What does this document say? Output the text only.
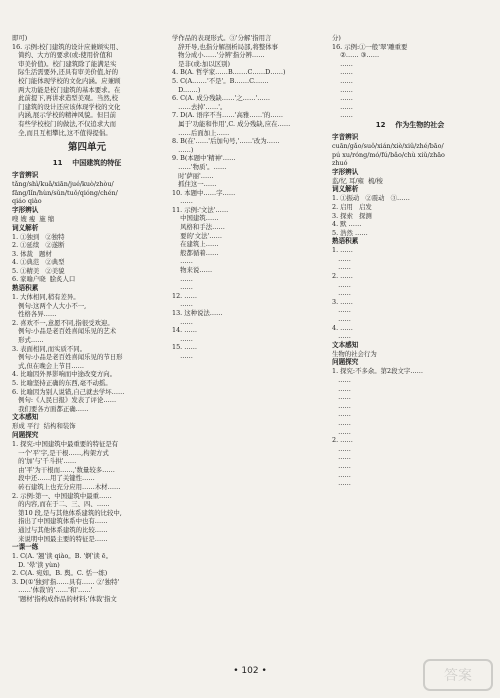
即可)
16. 示例:校门建筑的设计应兼顾实用、
简约、大方的要求(或:使用价值和
审美价值)。校门建筑除了能满足实
际生活需要外,还具有审美价值,好的
校门能体现学校的文化内涵。应兼顾
两大功能是校门建筑的基本要求。在
此前提下,再讲求造型美观。当然,校
门建筑的设计还应该体现学校的文化
内涵,展示学校的精神风貌。但目前
有些学校校门的做法,不仅追求大而
全,而且互相攀比,这不值得提倡。
第四单元
11    中国建筑的特征
字音辨识
tǎng/shì/kuǎ/xiān/jué/kuò/zhòu/
fāng/lǐn/hùn/sǔn/tuǒ/qióng/chén/
qiáo qiào
字形辨认
嗖 嫂 瘦  施 缩
词义解析
1. ①独到   ②独特
2. ①延续   ②遂断
3. 体裁   题材
4. ①典范   ②典型
5. ①精美   ②美貌
6. 家喻户晓  脍炙人口
熟语积累
1. 大体相同,稍有差异。
例句:这两个人大小不一,
性格各异……
2. 喜欢不一,意愿不同,指很受欢迎。
例句:小品是老百姓喜闻乐见的艺术
形式……
3. 表面相同,而实质不同。
例句:小品是老百姓喜闻乐见的节日形
式,但在晚会上节目……
4. 比喻因外界影响而中途改变方向。
5. 比喻坚持正确的东西,毫不动摇。
6. 比喻因为别人说错,自己就去学坏……
例句:《人民日报》发表了评论……
我们要各方面都正确……
文本感知
形成 平行  结构和装饰
问题探究
1. 探究:中国建筑中最重要的特征是有
一个'平'字,是干根……,构架方式
的'加'与'千斗拱'……
由'平'为干根而……,'数量较多……
段中还……用了关键性……
砖石建筑上也充分应用……木材……
2. 示例:第一、中国建筑中最重……
的内容,而在于二、三、四、……
第10 段,是与其他体系建筑的比较中,
指出了中国建筑体系中也有……
通过与其他体系建筑的比较……
来说明中国最主要的特征是……
一课一练
1. C(A. '翘'读 qiào。B. '婀'读 ē。
D. '晕'读 yùn)
2. C(A. 宛如。B. 舆。C. 恬一练)
3. D(①'独到'指……具有…… ②'独特'
……'体裁'的'……'和'……'
'题材'指构成作品的材料;'体裁'指文
学作品的表现形式。③'分解'指用言
辞开导,也指分解剖析局部,将整体事
物分成小……'分辨'指分辨……
是非(或:加以区别)
4. B(A. 哲学家……B.……C……D……)
5. C(A.……'不是'。B.……C.……
D.……)
6. C(A. 成分残缺……'之……'……
……去掉'……'。
7. D(A. 语序不当……'高雅……'的……
属于'功能和作用',C. 成分残缺,应在……
……后面加上……
8. B(在'……'后加句号,'……'改为……
……)
9. B(本题中'精神'……
……'物质'。……
时'萨丽'……
抓住这一……
10. 本题中……字……
……
11. 示例:'文法'……
中国建筑……
风格和手法……
要的'文法'……
在建筑上……
般都循着……
……
物来说……
……
……
12. ……
……
13. 这种说法……
……
14. ……
……
15. ……
……
分)
16. 示例:①一般'翠'雕重要
②…… ③……
……
……
……
……
……
……
……
12    作为生物的社会
字音辨识
cuān/gǎo/suǒ/xián/xiè/xiǔ/zhé/bāo/
pú xu/róng/mó/fú/bǎo/chù xiǔ/zhāo
zhuó
字形辨认
监/忆 耳/雍  梳/梭
词义解析
1. ①振动   ②震动   ③……
2. 启用   启发
3. 探索   探测
4. 默 ……
5. 浩然 ……
熟语积累
1. ……
……
……
2. ……
……
……
3. ……
……
……
4. ……
……
文本感知
生物的社会行为
问题探究
1. 探究:不多余。第2段文字……
……
……
……
……
……
……
……
2. ……
……
……
……
……
……
• 102 •	答案
